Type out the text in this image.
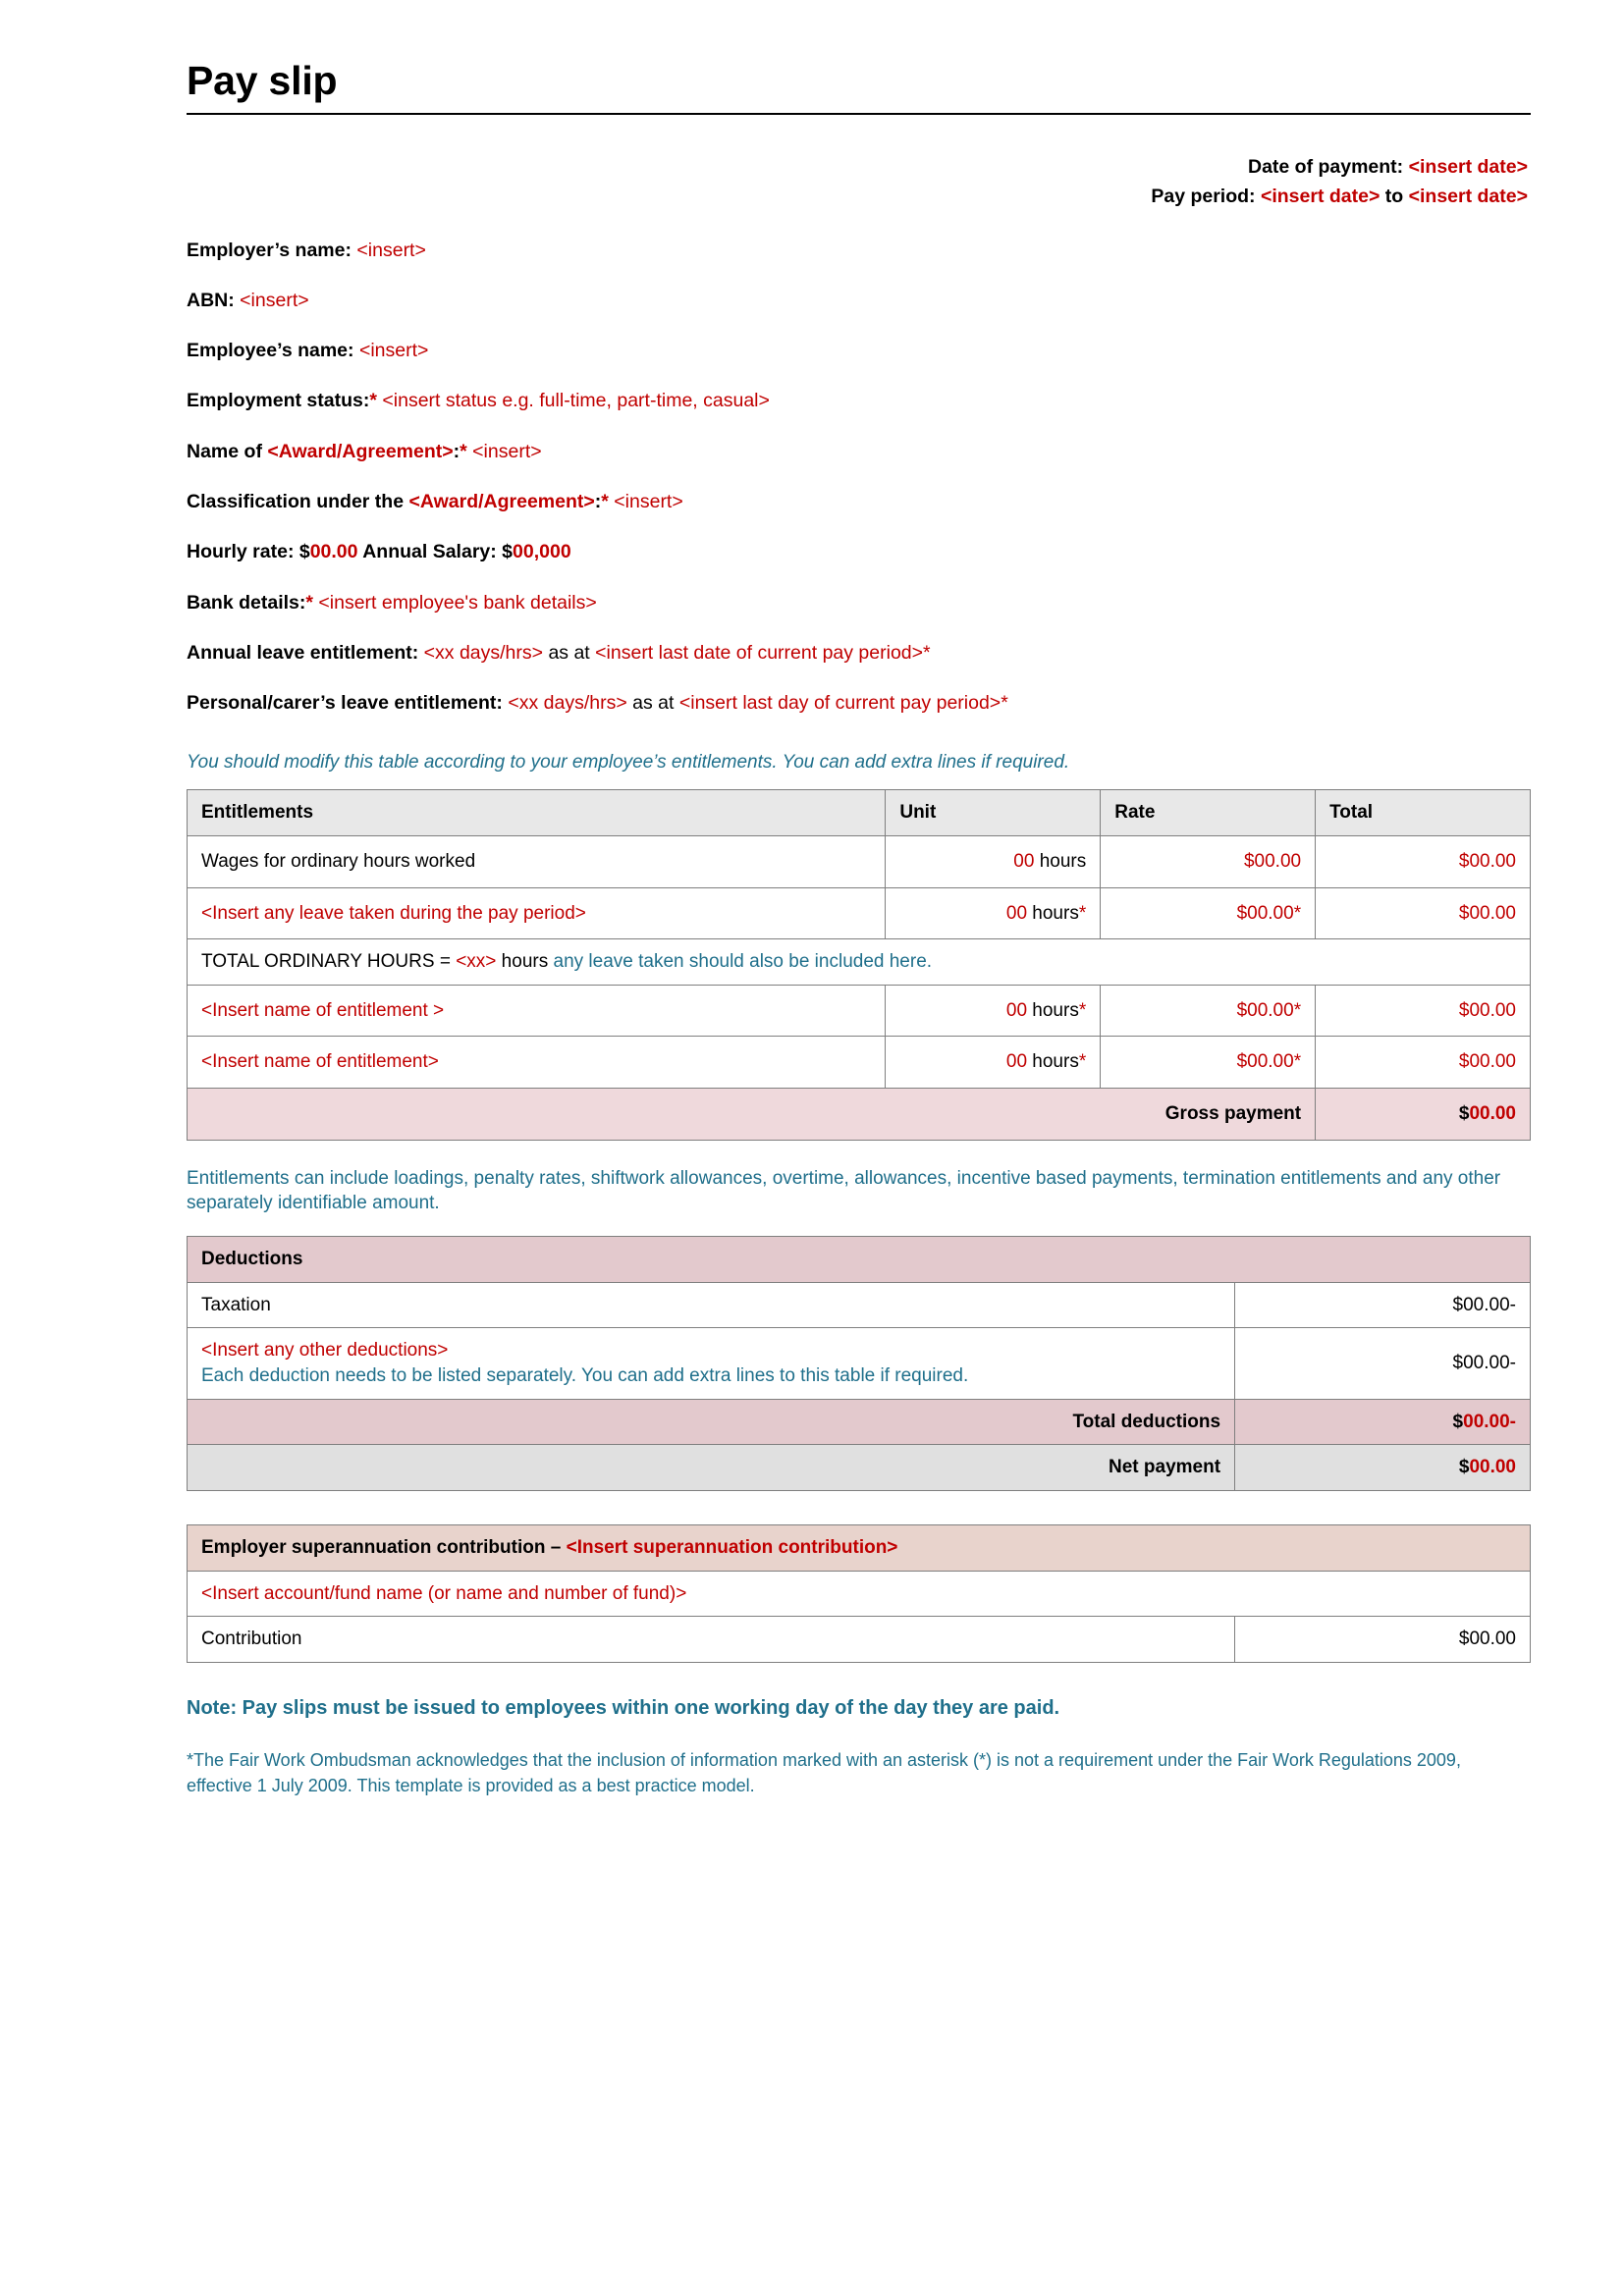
Pay slip
Date of payment: <insert date>
Pay period: <insert date> to <insert date>
Employer’s name: <insert>
ABN: <insert>
Employee’s name: <insert>
Employment status:* <insert status e.g. full-time, part-time, casual>
Name of <Award/Agreement>:* <insert>
Classification under the <Award/Agreement>:* <insert>
Hourly rate: $00.00 Annual Salary: $00,000
Bank details:* <insert employee's bank details>
Annual leave entitlement: <xx days/hrs> as at <insert last date of current pay period>*
Personal/carer’s leave entitlement: <xx days/hrs> as at <insert last day of current pay period>*
You should modify this table according to your employee’s entitlements. You can add extra lines if required.
Entitlements	Unit	Rate	Total
Wages for ordinary hours worked	00 hours	$00.00	$00.00
<Insert any leave taken during the pay period>	00 hours*	$00.00*	$00.00
TOTAL ORDINARY HOURS = <xx> hours any leave taken should also be included here.			
<Insert name of entitlement >	00 hours*	$00.00*	$00.00
<Insert name of entitlement>	00 hours*	$00.00*	$00.00
Gross payment			$00.00
Entitlements can include loadings, penalty rates, shiftwork allowances, overtime, allowances, incentive based payments, termination entitlements and any other separately identifiable amount.
Deductions	
Taxation	$00.00-

<Insert any other deductions>
Each deduction needs to be listed separately. You can add extra lines to this table if required.	$00.00-
Total deductions	$00.00-
Net payment	$00.00
Employer superannuation contribution – <Insert superannuation contribution>
<Insert account/fund name (or name and number of fund)>
Contribution	$00.00
Note: Pay slips must be issued to employees within one working day of the day they are paid.
*The Fair Work Ombudsman acknowledges that the inclusion of information marked with an asterisk (*) is not a requirement under the Fair Work Regulations 2009, effective 1 July 2009. This template is provided as a best practice model.
